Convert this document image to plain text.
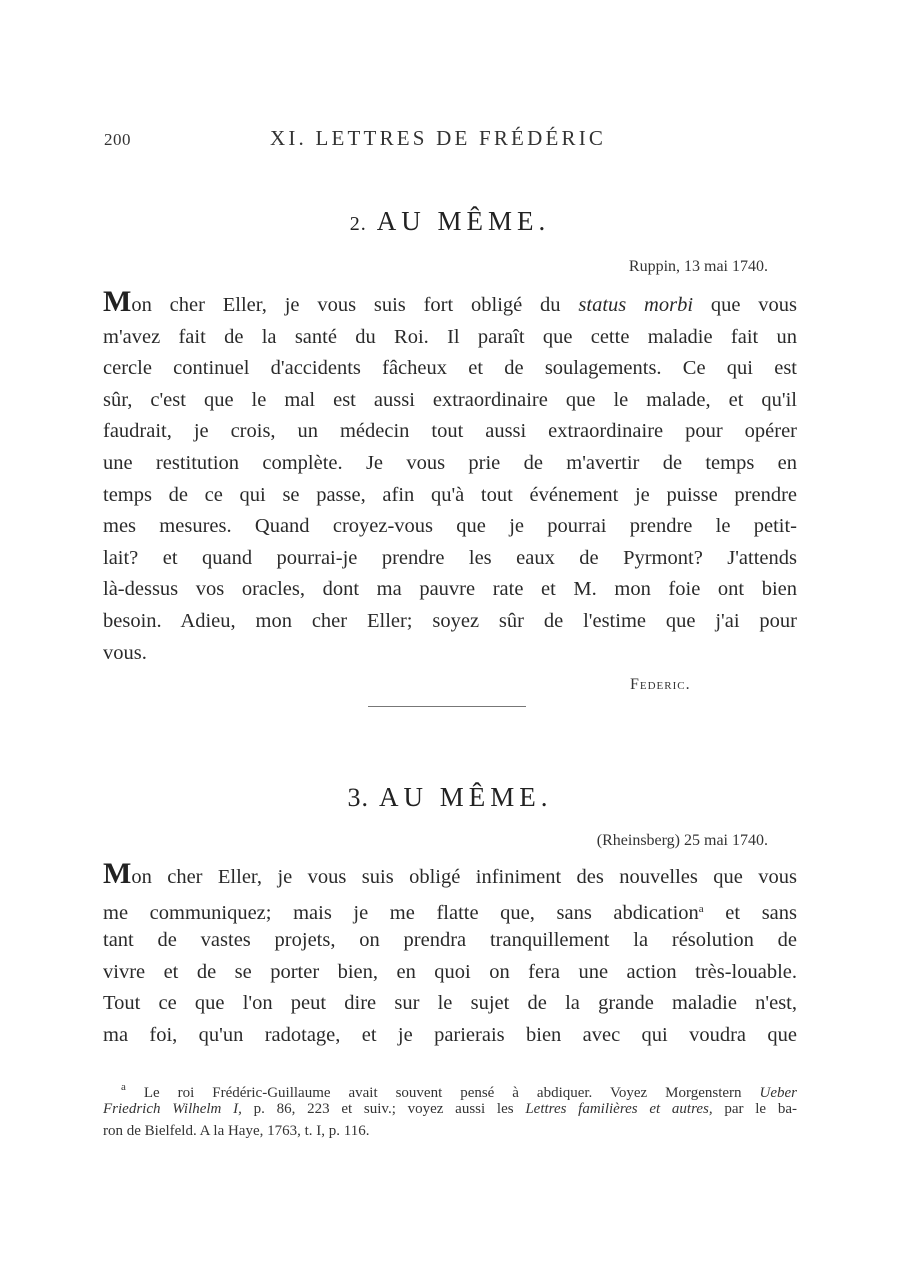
200	XI. LETTRES DE FRÉDÉRIC
2. AU MÊME.
Ruppin, 13 mai 1740.
Mon cher Eller, je vous suis fort obligé du status morbi que vous
m'avez fait de la santé du Roi. Il paraît que cette maladie fait un
cercle continuel d'accidents fâcheux et de soulagements. Ce qui est
sûr, c'est que le mal est aussi extraordinaire que le malade, et qu'il
faudrait, je crois, un médecin tout aussi extraordinaire pour opérer
une restitution complète. Je vous prie de m'avertir de temps en
temps de ce qui se passe, afin qu'à tout événement je puisse prendre
mes mesures. Quand croyez-vous que je pourrai prendre le petit-
lait? et quand pourrai-je prendre les eaux de Pyrmont? J'attends
là-dessus vos oracles, dont ma pauvre rate et M. mon foie ont bien
besoin. Adieu, mon cher Eller; soyez sûr de l'estime que j'ai pour
vous.
Federic.
3. AU MÊME.
(Rheinsberg) 25 mai 1740.
Mon cher Eller, je vous suis obligé infiniment des nouvelles que vous
me communiquez; mais je me flatte que, sans abdication$^a$ et sans
tant de vastes projets, on prendra tranquillement la résolution de
vivre et de se porter bien, en quoi on fera une action très-louable.
Tout ce que l'on peut dire sur le sujet de la grande maladie n'est,
ma foi, qu'un radotage, et je parierais bien avec qui voudra que
$^a$ Le roi Frédéric-Guillaume avait souvent pensé à abdiquer. Voyez Morgenstern Ueber
Friedrich Wilhelm I, p. 86, 223 et suiv.; voyez aussi les Lettres familières et autres, par le ba-
ron de Bielfeld. A la Haye, 1763, t. I, p. 116.
